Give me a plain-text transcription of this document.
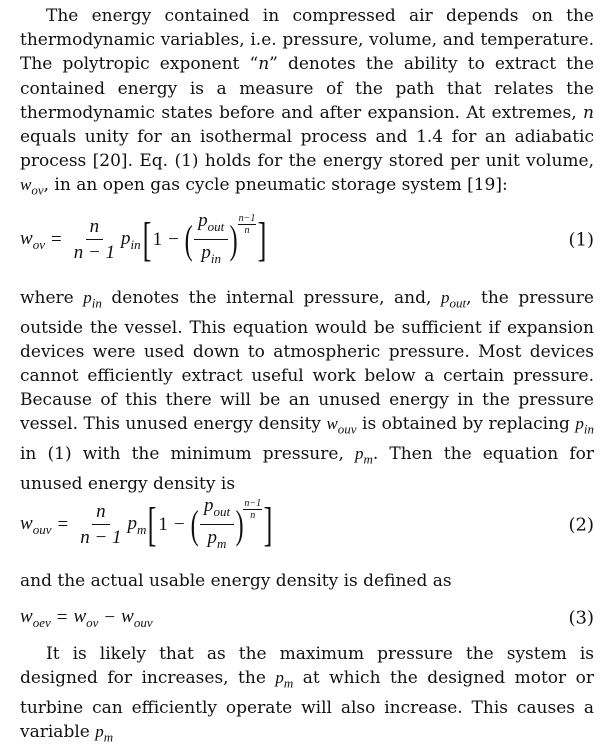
The energy contained in compressed air depends on the thermodynamic variables, i.e. pressure, volume, and temperature. The polytropic exponent “n” denotes the ability to extract the contained energy is a measure of the path that relates the thermodynamic states before and after expansion. At extremes, n equals unity for an isothermal process and 1.4 for an adiabatic process [20]. Eq. (1) holds for the energy stored per unit volume, $w_{ov}$, in an open gas cycle pneumatic storage system [19]:

$w_{ov} = \frac{n}{n - 1} p_{in}$ [ 1 − ( $\frac{p_{out}}{p_{in}}$ ) $\frac{n-1}{n}$ ]	(1)

where $p_{in}$ denotes the internal pressure, and, $p_{out}$, the pressure outside the vessel. This equation would be sufficient if expansion devices were used down to atmospheric pressure. Most devices cannot efficiently extract useful work below a certain pressure. Because of this there will be an unused energy in the pressure vessel. This unused energy density $w_{ouv}$ is obtained by replacing $p_{in}$ in (1) with the minimum pressure, $p_m$. Then the equation for unused energy density is

$w_{ouv} = \frac{n}{n - 1} p_m$ [ 1 − ( $\frac{p_{out}}{p_m}$ ) $\frac{n-1}{n}$ ]	(2)

and the actual usable energy density is defined as

$w_{oev} = w_{ov} - w_{ouv}$	(3)

It is likely that as the maximum pressure the system is designed for increases, the $p_m$ at which the designed motor or turbine can efficiently operate will also increase. This causes a variable $p_m$
